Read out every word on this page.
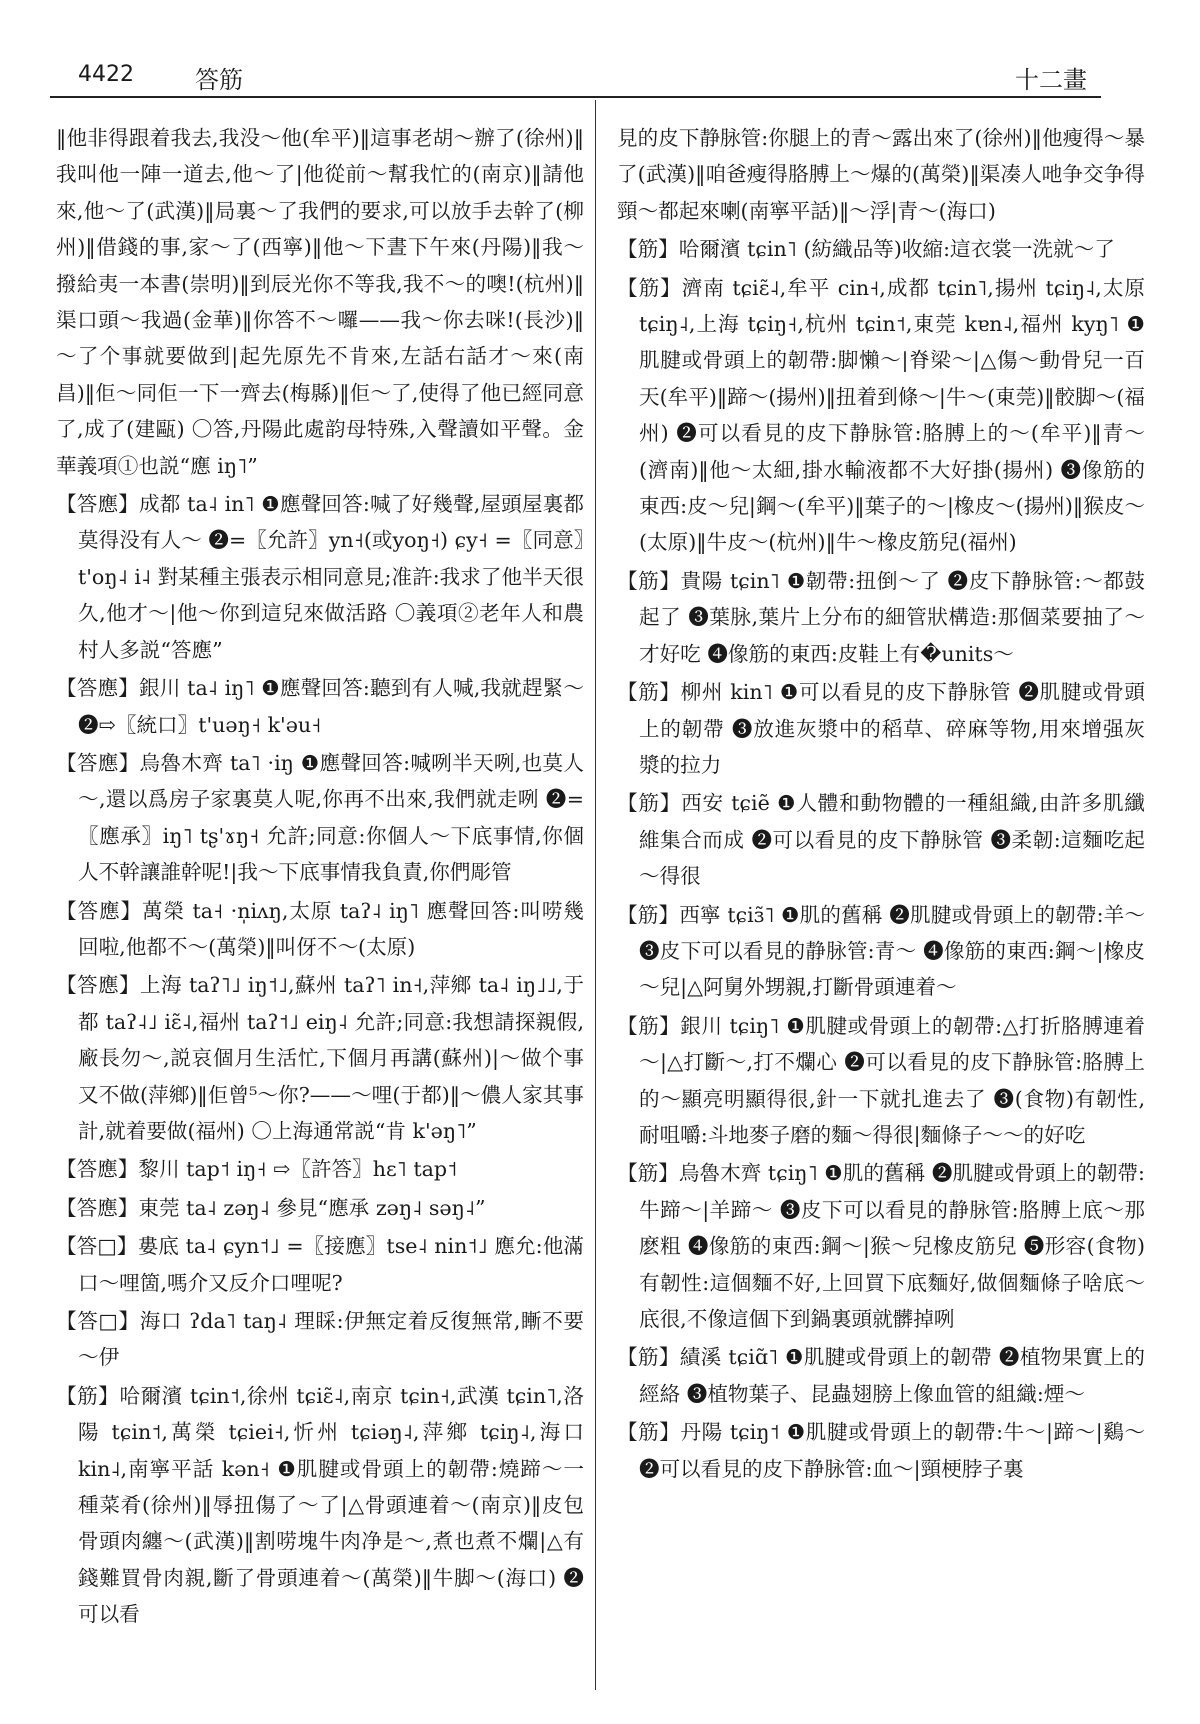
4422	答筋	十二畫

‖他非得跟着我去,我没～他(牟平)‖這事老胡～辦了(徐州)‖我叫他一陣一道去,他～了|他從前～幫我忙的(南京)‖請他來,他～了(武漢)‖局裏～了我們的要求,可以放手去幹了(柳州)‖借錢的事,家～了(西寧)‖他～下晝下午來(丹陽)‖我～撥給夷一本書(崇明)‖到辰光你不等我,我不～的噢!(杭州)‖渠口頭～我過(金華)‖你答不～囉——我～你去咪!(長沙)‖～了个事就要做到|起先原先不肯來,左話右話才～來(南昌)‖佢～同佢一下一齊去(梅縣)‖佢～了,使得了他已經同意了,成了(建甌) 〇答,丹陽此處韵母特殊,入聲讀如平聲。金華義項①也説“應 iŋ˥”

【答應】成都 ta˨ in˥ ❶應聲回答:喊了好幾聲,屋頭屋裏都莫得没有人～ ❷=〖允許〗yn˧(或yoŋ˧) ɕy˧ =〖同意〗t'oŋ˨ i˨ 對某種主張表示相同意見;准許:我求了他半天很久,他才～|他～你到這兒來做活路 〇義項②老年人和農村人多説“答應”

【答應】銀川 ta˨ iŋ˥ ❶應聲回答:聽到有人喊,我就趕緊～ ❷⇨〖統口〗t'uəŋ˧ k'əu˧

【答應】烏魯木齊 ta˥ ·iŋ ❶應聲回答:喊咧半天咧,也莫人～,還以爲房子家裏莫人呢,你再不出來,我們就走咧 ❷=〖應承〗iŋ˥ tʂ'ɤŋ˧ 允許;同意:你個人～下底事情,你個人不幹讓誰幹呢!|我～下底事情我負責,你們彫管

【答應】萬榮 ta˧ ·n̩iʌŋ,太原 taʔ˨ iŋ˥ 應聲回答:叫唠幾回啦,他都不～(萬榮)‖叫伢不～(太原)

【答應】上海 taʔ˥˩ iŋ˦˩,蘇州 taʔ˥ in˧,萍鄉 ta˨ iŋ˩˩,于都 taʔ˨˩ iɛ̃˨,福州 taʔ˦˩ eiŋ˨ 允許;同意:我想請探親假,廠長勿～,説哀個月生活忙,下個月再講(蘇州)|～做个事又不做(萍鄉)‖佢曾⁵～你?——～哩(于都)‖～儂人家其事計,就着要做(福州) 〇上海通常説“肯 k'əŋ˥”

【答應】黎川 tap˦ iŋ˧ ⇨〖許答〗hɛ˥ tap˦

【答應】東莞 ta˨ zəŋ˨ 參見“應承 zəŋ˨ səŋ˨”

【答□】婁底 ta˨ ɕyn˦˩ =〖接應〗tse˨ nin˦˩ 應允:他滿口～哩箇,嗎介又反介口哩呢?

【答□】海口 ʔda˥ taŋ˨ 理睬:伊無定着反復無常,䁪不要～伊

【筋】哈爾濱 tɕin˦,徐州 tɕiɛ̃˨,南京 tɕin˧,武漢 tɕin˥,洛陽 tɕin˦,萬榮 tɕiei˧,忻州 tɕiəŋ˨,萍鄉 tɕiŋ˨,海口 kin˨,南寧平話 kən˧ ❶肌腱或骨頭上的韌帶:燒蹄～一種菜肴(徐州)‖辱扭傷了～了|△骨頭連着～(南京)‖皮包骨頭肉纏～(武漢)‖割唠塊牛肉净是～,煮也煮不爛|△有錢難買骨肉親,斷了骨頭連着～(萬榮)‖牛脚～(海口) ❷可以看

見的皮下静脉管:你腿上的青～露出來了(徐州)‖他瘦得～暴了(武漢)‖咱爸瘦得胳膊上～爆的(萬榮)‖渠凑人吔争交争得頸～都起來喇(南寧平話)‖～浮|青～(海口)

【筋】哈爾濱 tɕin˥ (紡織品等)收縮:這衣裳一洗就～了

【筋】濟南 tɕiɛ̃˨,牟平 cin˧,成都 tɕin˥,揚州 tɕiŋ˨,太原 tɕiŋ˨,上海 tɕiŋ˧,杭州 tɕin˦,東莞 kɐn˨,福州 kyŋ˥ ❶肌腱或骨頭上的韌帶:脚懶～|脊梁～|△傷～動骨兒一百天(牟平)‖蹄～(揚州)‖扭着到條～|牛～(東莞)‖骹脚～(福州) ❷可以看見的皮下静脉管:胳膊上的～(牟平)‖青～(濟南)‖他～太細,掛水輸液都不大好掛(揚州) ❸像筋的東西:皮～兒|鋼～(牟平)‖葉子的～|橡皮～(揚州)‖猴皮～(太原)‖牛皮～(杭州)‖牛～橡皮筋兒(福州)

【筋】貴陽 tɕin˥ ❶韌帶:扭倒～了 ❷皮下静脉管:～都鼓起了 ❸葉脉,葉片上分布的細管狀構造:那個菜要抽了～才好吃 ❹像筋的東西:皮鞋上有�units～

【筋】柳州 kin˥ ❶可以看見的皮下静脉管 ❷肌腱或骨頭上的韌帶 ❸放進灰漿中的稻草、碎麻等物,用來增强灰漿的拉力

【筋】西安 tɕiẽ ❶人體和動物體的一種組織,由許多肌纖維集合而成 ❷可以看見的皮下静脉管 ❸柔韌:這麵吃起～得很

【筋】西寧 tɕiɜ̃˥ ❶肌的舊稱 ❷肌腱或骨頭上的韌帶:羊～ ❸皮下可以看見的静脉管:青～ ❹像筋的東西:鋼～|橡皮～兒|△阿舅外甥親,打斷骨頭連着～

【筋】銀川 tɕiŋ˥ ❶肌腱或骨頭上的韌帶:△打折胳膊連着～|△打斷～,打不爛心 ❷可以看見的皮下静脉管:胳膊上的～顯亮明顯得很,針一下就扎進去了 ❸(食物)有韌性,耐咀嚼:斗地麥子磨的麵～得很|麵條子～～的好吃

【筋】烏魯木齊 tɕiŋ˥ ❶肌的舊稱 ❷肌腱或骨頭上的韌帶:牛蹄～|羊蹄～ ❸皮下可以看見的静脉管:胳膊上底～那麽粗 ❹像筋的東西:鋼～|猴～兒橡皮筋兒 ❺形容(食物)有韌性:這個麵不好,上回買下底麵好,做個麵條子啥底～底很,不像這個下到鍋裏頭就髒掉咧

【筋】績溪 tɕiɑ̃˥ ❶肌腱或骨頭上的韌帶 ❷植物果實上的經絡 ❸植物葉子、昆蟲翅膀上像血管的組織:煙～

【筋】丹陽 tɕiŋ˦ ❶肌腱或骨頭上的韌帶:牛～|蹄～|鷄～ ❷可以看見的皮下静脉管:血～|頸梗脖子裏
